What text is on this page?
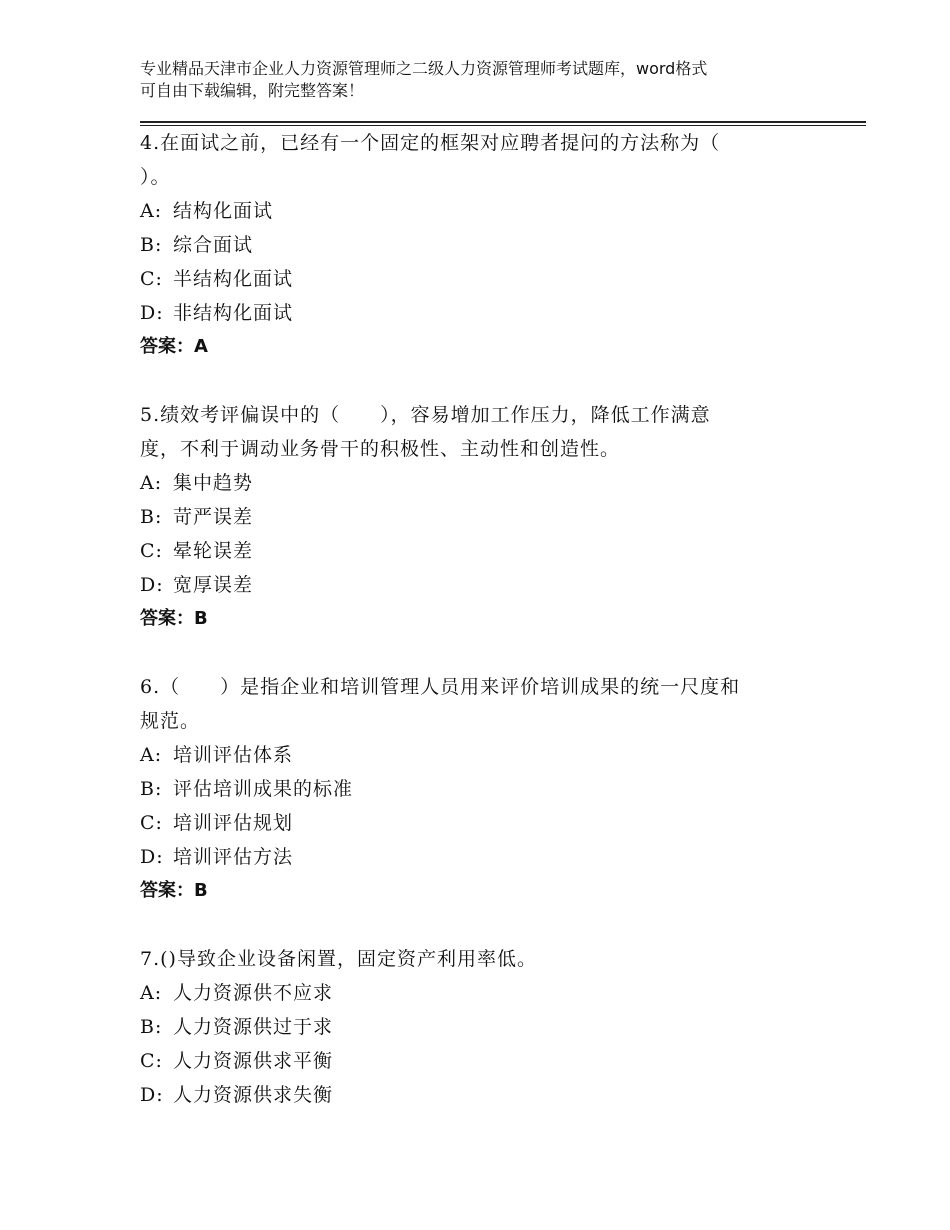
专业精品天津市企业人力资源管理师之二级人力资源管理师考试题库，word格式
可自由下载编辑，附完整答案！
4.在面试之前，已经有一个固定的框架对应聘者提问的方法称为（
）。
A: 结构化面试
B: 综合面试
C: 半结构化面试
D: 非结构化面试
答案：A
5.绩效考评偏误中的（　　），容易增加工作压力，降低工作满意
度，不利于调动业务骨干的积极性、主动性和创造性。
A: 集中趋势
B: 苛严误差
C: 晕轮误差
D: 宽厚误差
答案：B
6.（　　）是指企业和培训管理人员用来评价培训成果的统一尺度和
规范。
A: 培训评估体系
B: 评估培训成果的标准
C: 培训评估规划
D: 培训评估方法
答案：B
7.()导致企业设备闲置，固定资产利用率低。
A: 人力资源供不应求
B: 人力资源供过于求
C: 人力资源供求平衡
D: 人力资源供求失衡
